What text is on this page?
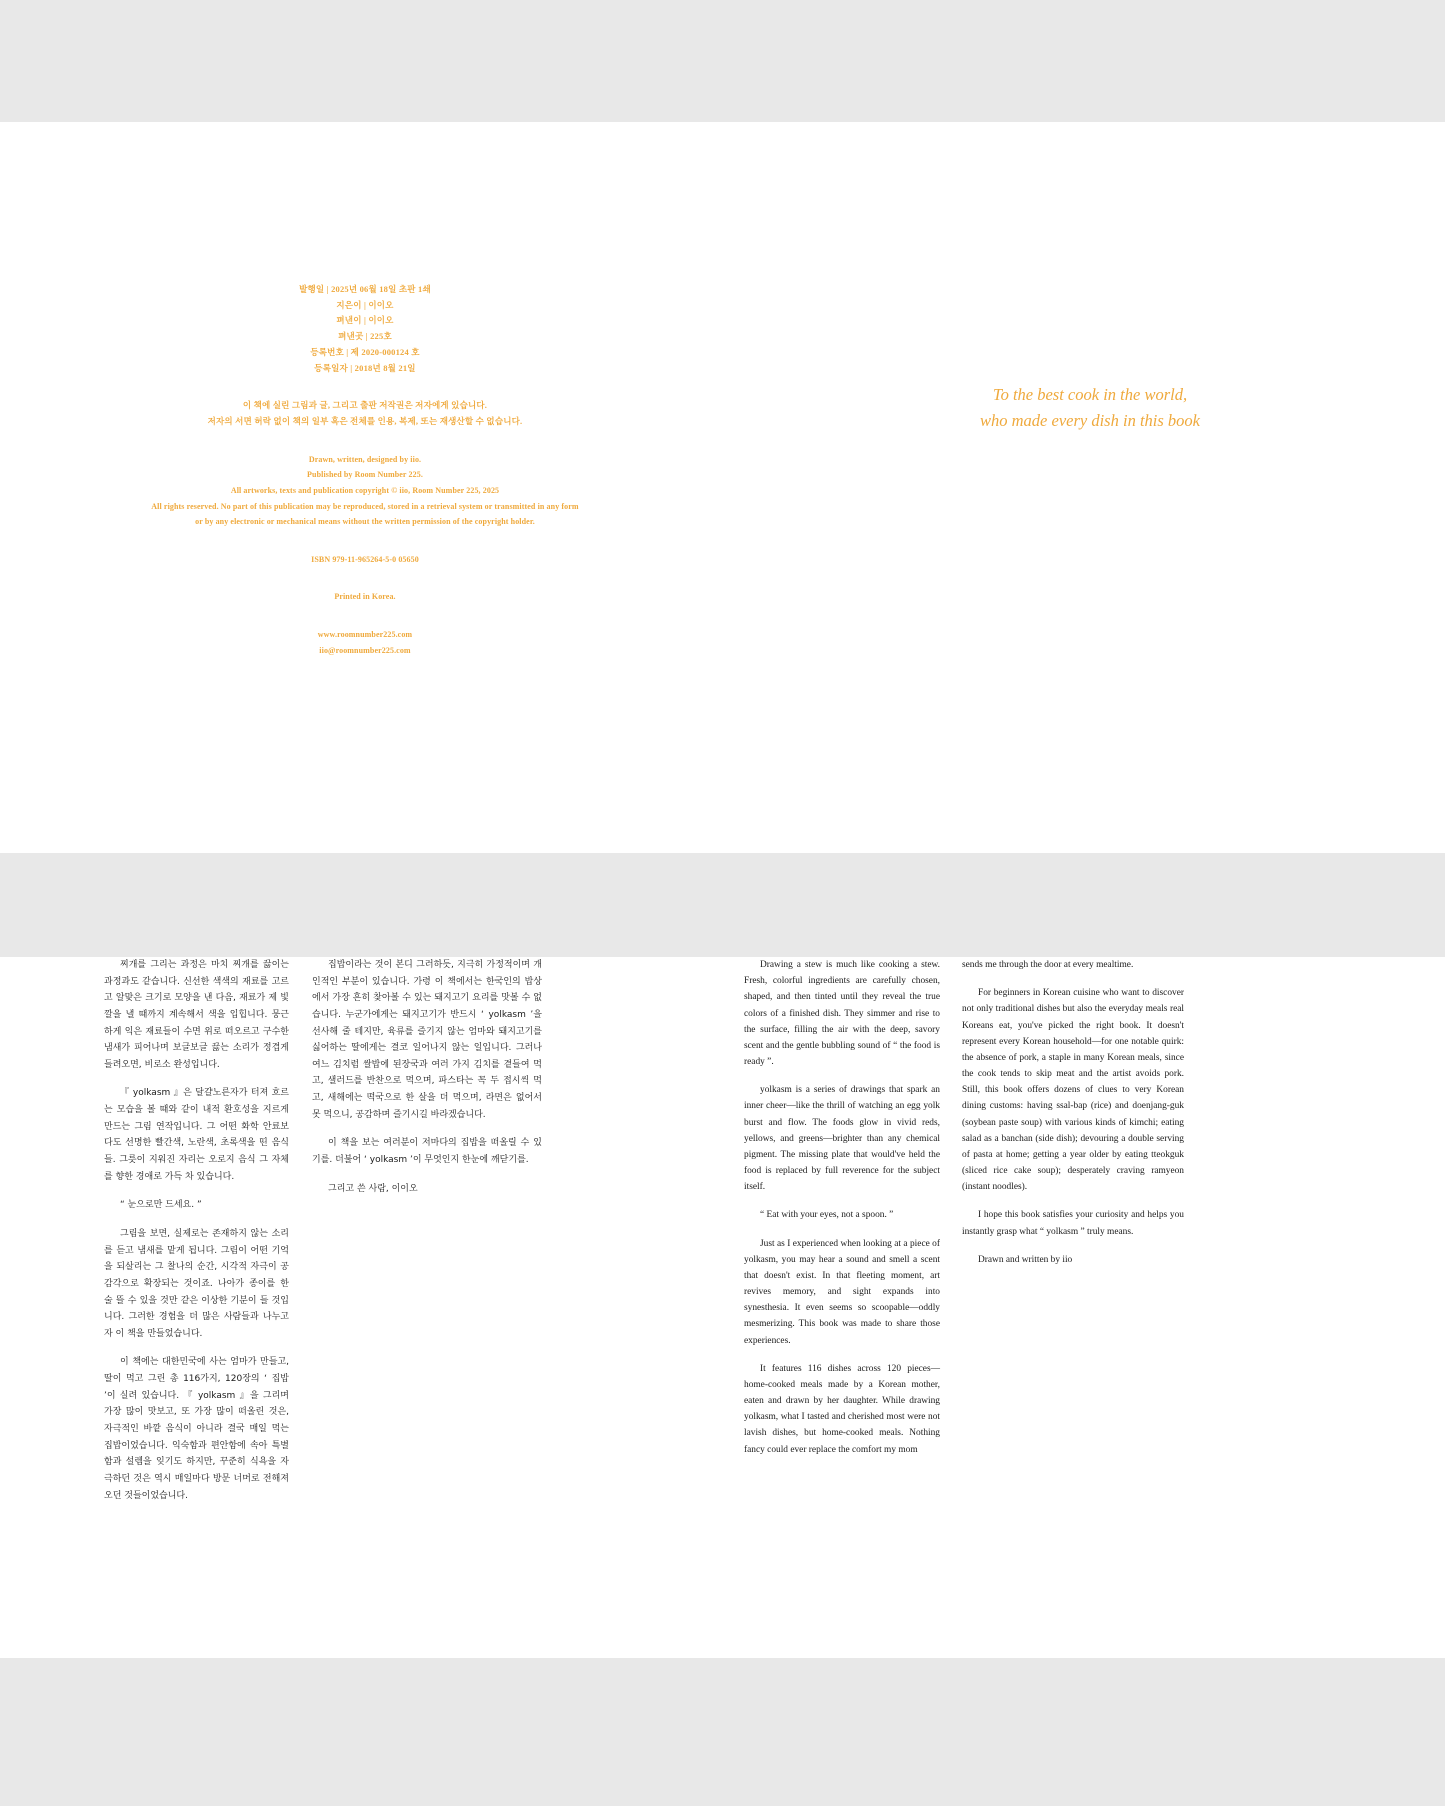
발행일 | 2025년 06월 18일 초판 1쇄
지은이 | 이이오
펴낸이 | 이이오
펴낸곳 | 225호
등록번호 | 제 2020-000124 호
등록일자 | 2018년 8월 21일
이 책에 실린 그림과 글, 그리고 출판 저작권은 저자에게 있습니다.
저자의 서면 허락 없이 책의 일부 혹은 전체를 인용, 복제, 또는 재생산할 수 없습니다.
Drawn, written, designed by iio.
Published by Room Number 225.
All artworks, texts and publication copyright © iio, Room Number 225, 2025
All rights reserved. No part of this publication may be reproduced, stored in a retrieval system or transmitted in any form or by any electronic or mechanical means without the written permission of the copyright holder.
ISBN 979-11-965264-5-0 05650
Printed in Korea.
www.roomnumber225.com
iio@roomnumber225.com
To the best cook in the world,
who made every dish in this book

찌개를 그리는 과정은 마치 찌개를 끓이는 과정과도 같습니다. 신선한 색색의 재료를 고르고 알맞은 크기로 모양을 낸 다음, 재료가 제 빛깔을 낼 때까지 계속해서 색을 입힙니다. 뭉근하게 익은 재료들이 수면 위로 떠오르고 구수한 냄새가 피어나며 보글보글 끓는 소리가 정겹게 들려오면, 비로소 완성입니다.

『 yolkasm 』은 달걀노른자가 터져 흐르는 모습을 볼 때와 같이 내적 환호성을 지르게 만드는 그림 연작입니다. 그 어떤 화학 안료보다도 선명한 빨간색, 노란색, 초록색을 띤 음식들. 그릇이 지워진 자리는 오로지 음식 그 자체를 향한 경애로 가득 차 있습니다.

“ 눈으로만 드세요. ”

그림을 보면, 실제로는 존재하지 않는 소리를 듣고 냄새를 맡게 됩니다. 그림이 어떤 기억을 되살리는 그 찰나의 순간, 시각적 자극이 공감각으로 확장되는 것이죠. 나아가 종이를 한 술 뜰 수 있을 것만 같은 이상한 기분이 들 것입니다. 그러한 경험을 더 많은 사람들과 나누고자 이 책을 만들었습니다.

이 책에는 대한민국에 사는 엄마가 만들고, 딸이 먹고 그린 총 116가지, 120장의 ‘ 집밥 ’이 실려 있습니다. 『 yolkasm 』을 그리며 가장 많이 맛보고, 또 가장 많이 떠올린 것은, 자극적인 바깥 음식이 아니라 결국 매일 먹는 집밥이었습니다. 익숙함과 편안함에 속아 특별함과 설렘을 잊기도 하지만, 꾸준히 식욕을 자극하던 것은 역시 매일마다 방문 너머로 전해져 오던 것들이었습니다.

집밥이라는 것이 본디 그러하듯, 지극히 가정적이며 개인적인 부분이 있습니다. 가령 이 책에서는 한국인의 밥상에서 가장 흔히 찾아볼 수 있는 돼지고기 요리를 맛볼 수 없습니다. 누군가에게는 돼지고기가 반드시 ‘ yolkasm ’을 선사해 줄 테지만, 육류를 즐기지 않는 엄마와 돼지고기를 싫어하는 딸에게는 결코 일어나지 않는 일입니다. 그러나 여느 김치럼 쌀밥에 된장국과 여러 가지 김치를 곁들여 먹고, 샐러드를 반찬으로 먹으며, 파스타는 꼭 두 접시씩 먹고, 새해에는 떡국으로 한 살을 더 먹으며, 라면은 없어서 못 먹으니, 공감하며 즐기시길 바라겠습니다.

이 책을 보는 여러분이 저마다의 집밥을 떠올릴 수 있기를. 더불어 ‘ yolkasm ’이 무엇인지 한눈에 깨닫기를.

그리고 쓴 사람, 이이오

Drawing a stew is much like cooking a stew. Fresh, colorful ingredients are carefully chosen, shaped, and then tinted until they reveal the true colors of a finished dish. They simmer and rise to the surface, filling the air with the deep, savory scent and the gentle bubbling sound of “ the food is ready ”.

yolkasm is a series of drawings that spark an inner cheer—like the thrill of watching an egg yolk burst and flow. The foods glow in vivid reds, yellows, and greens—brighter than any chemical pigment. The missing plate that would've held the food is replaced by full reverence for the subject itself.

“ Eat with your eyes, not a spoon. ”

Just as I experienced when looking at a piece of yolkasm, you may hear a sound and smell a scent that doesn't exist. In that fleeting moment, art revives memory, and sight expands into synesthesia. It even seems so scoopable—oddly mesmerizing. This book was made to share those experiences.

It features 116 dishes across 120 pieces—home-cooked meals made by a Korean mother, eaten and drawn by her daughter. While drawing yolkasm, what I tasted and cherished most were not lavish dishes, but home-cooked meals. Nothing fancy could ever replace the comfort my mom

sends me through the door at every mealtime.

For beginners in Korean cuisine who want to discover not only traditional dishes but also the everyday meals real Koreans eat, you've picked the right book. It doesn't represent every Korean household—for one notable quirk: the absence of pork, a staple in many Korean meals, since the cook tends to skip meat and the artist avoids pork. Still, this book offers dozens of clues to very Korean dining customs: having ssal-bap (rice) and doenjang-guk (soybean paste soup) with various kinds of kimchi; eating salad as a banchan (side dish); devouring a double serving of pasta at home; getting a year older by eating tteokguk (sliced rice cake soup); desperately craving ramyeon (instant noodles).

I hope this book satisfies your curiosity and helps you instantly grasp what “ yolkasm ” truly means.

Drawn and written by iio
